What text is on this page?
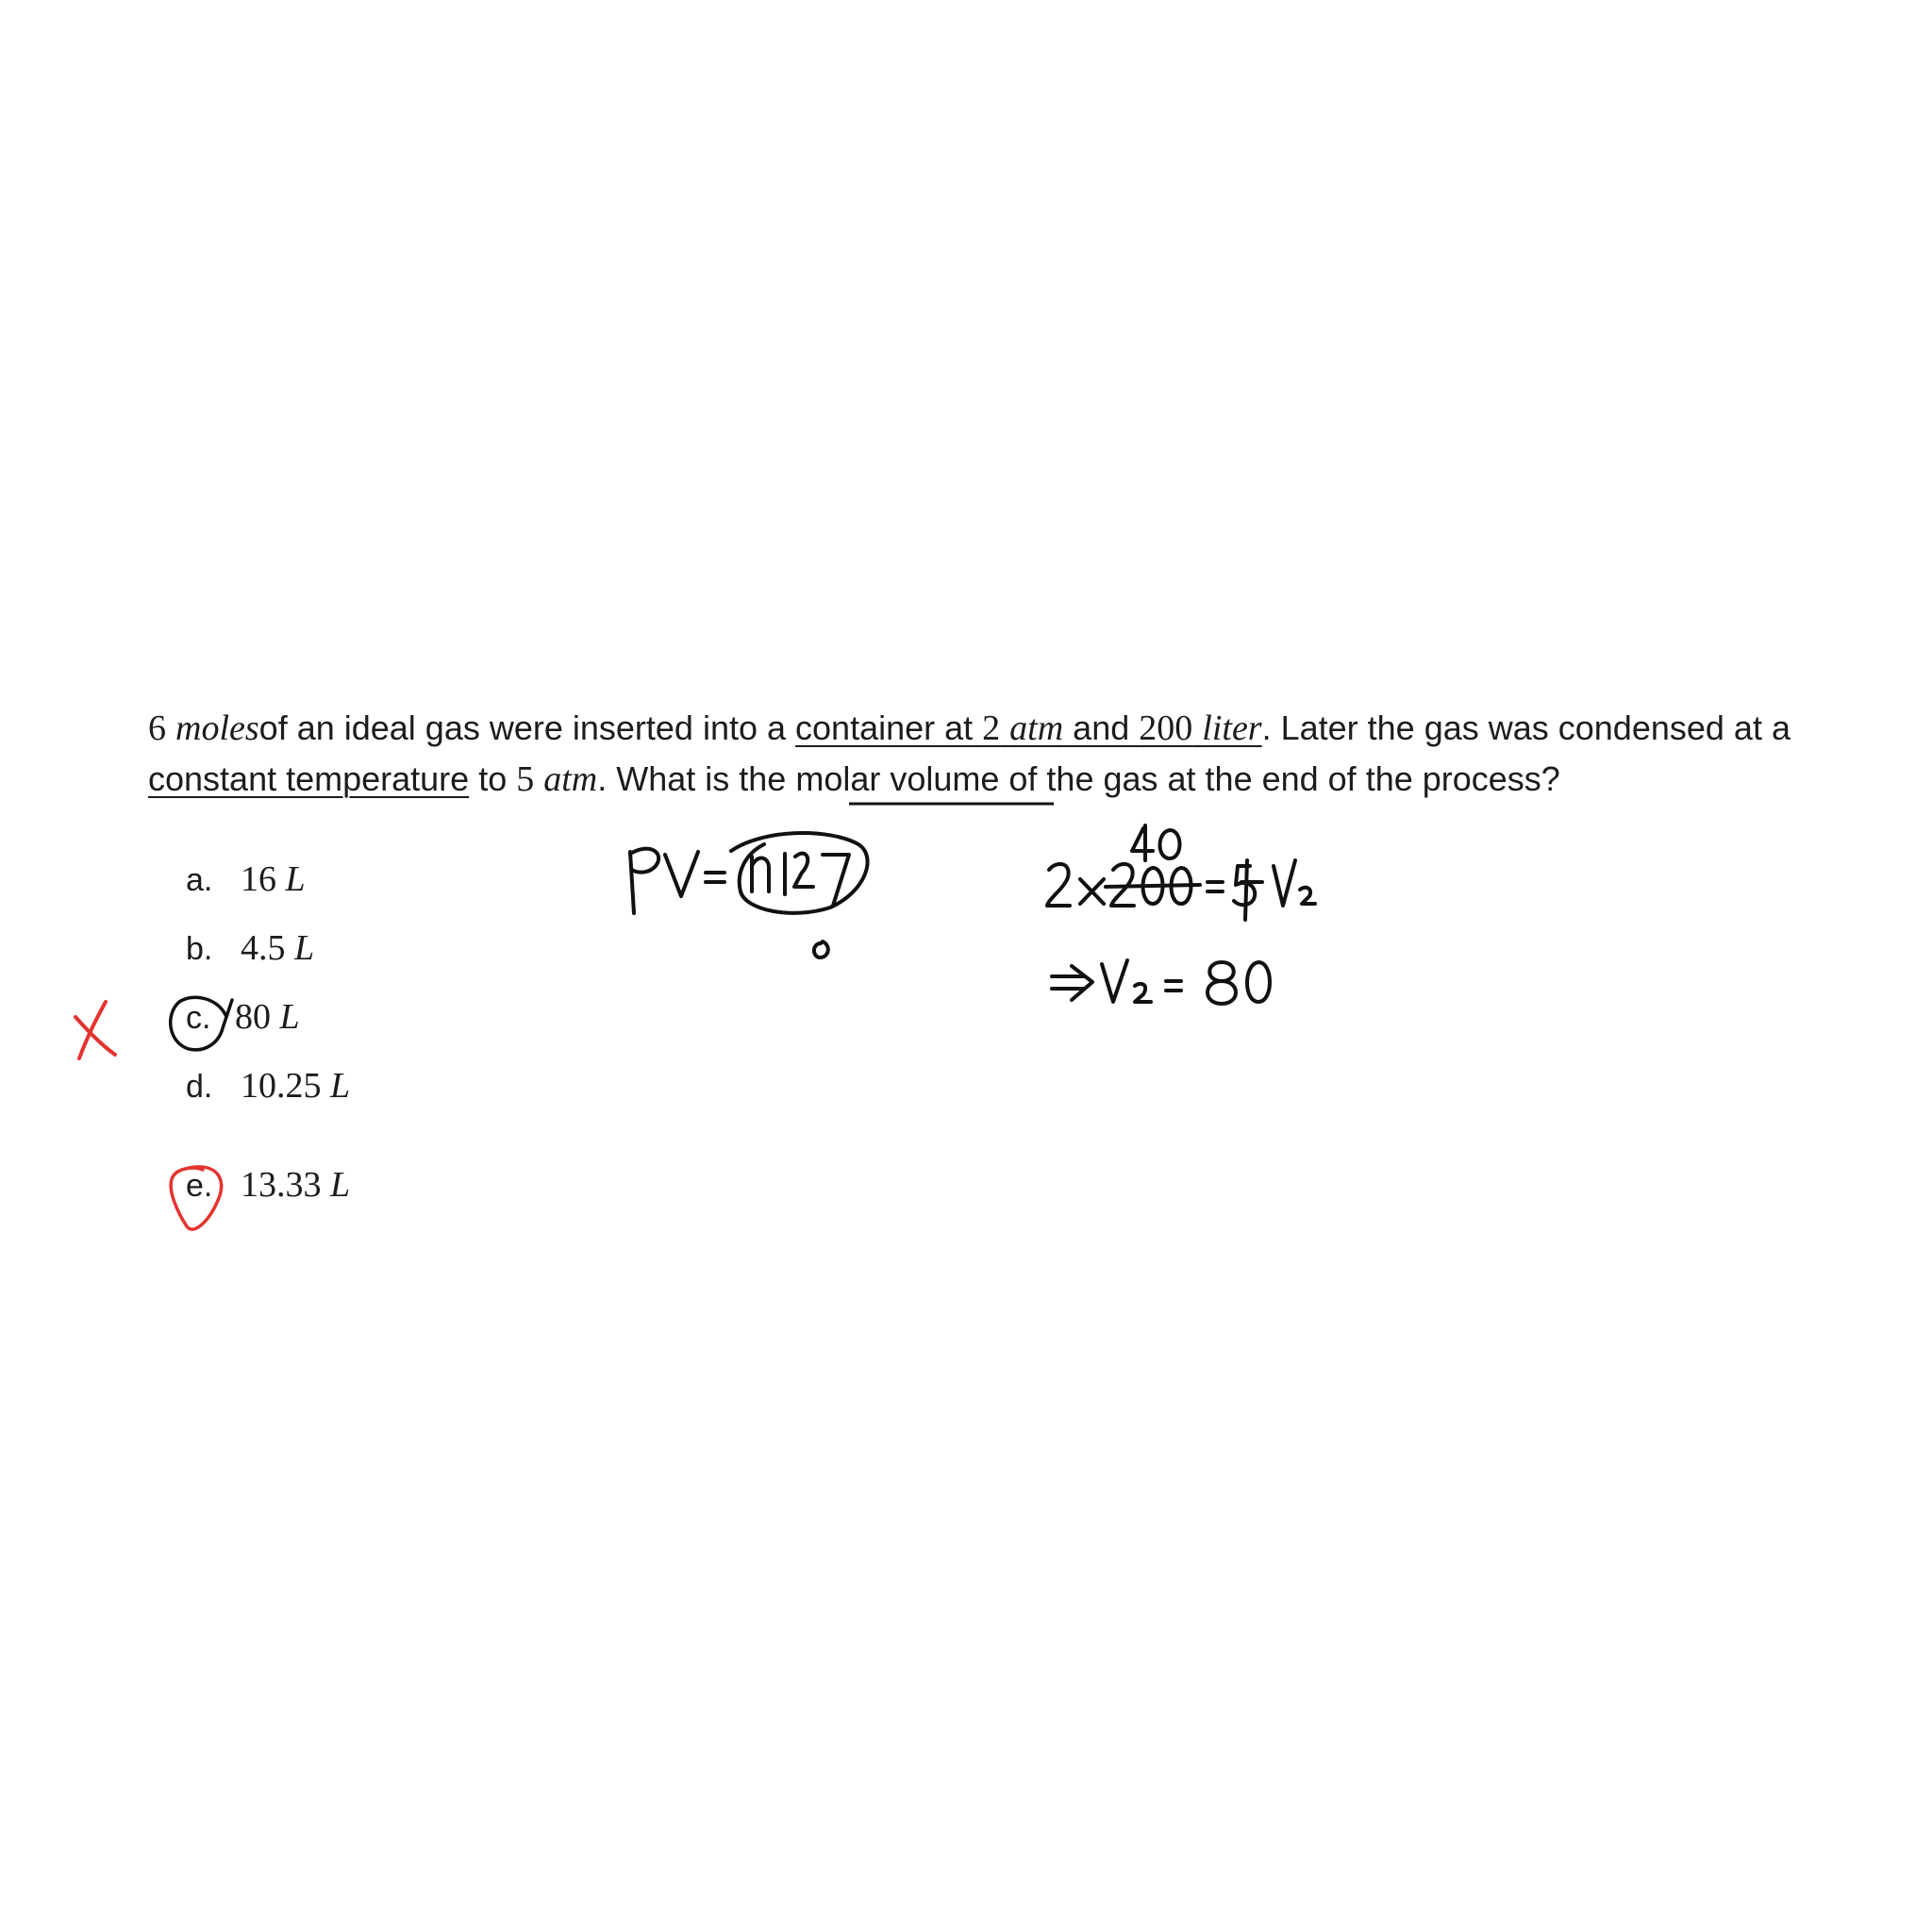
6 molesof an ideal gas were inserted into a container at 2 atm and 200 liter. Later the gas was condensed at a constant temperature to 5 atm. What is the molar volume of the gas at the end of the process?
a. 16 L
b. 4.5 L
c. 80 L
d. 10.25 L
e. 13.33 L
